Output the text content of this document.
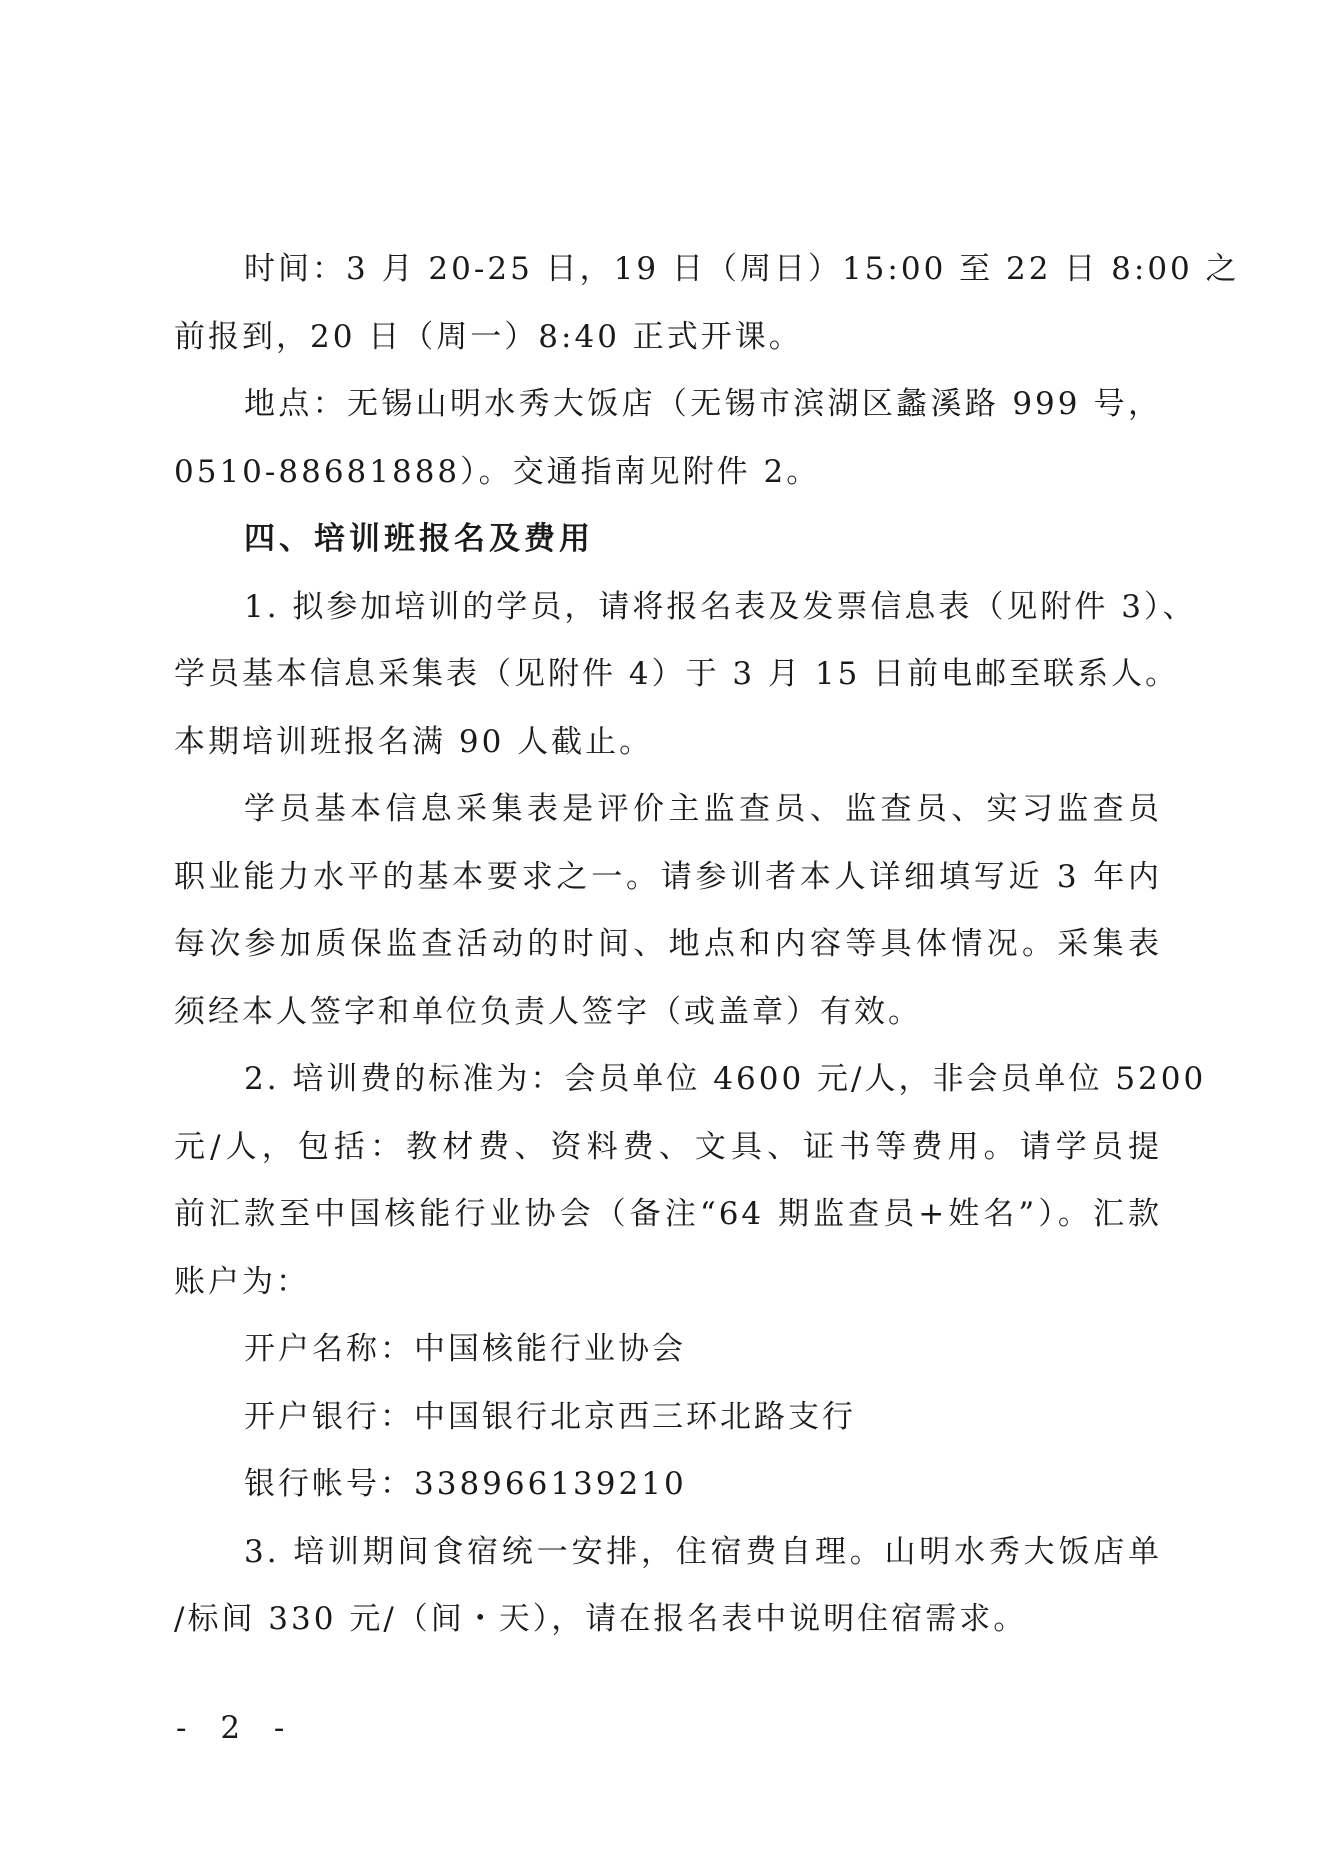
时间：3 月 20-25 日，19 日（周日）15:00 至 22 日 8:00 之
前报到，20 日（周一）8:40 正式开课。
地点：无锡山明水秀大饭店（无锡市滨湖区蠡溪路 999 号，
0510-88681888）。交通指南见附件 2。
四、培训班报名及费用
1. 拟参加培训的学员，请将报名表及发票信息表（见附件 3）、
学员基本信息采集表（见附件 4）于 3 月 15 日前电邮至联系人。
本期培训班报名满 90 人截止。
学员基本信息采集表是评价主监查员、监查员、实习监查员
职业能力水平的基本要求之一。请参训者本人详细填写近 3 年内
每次参加质保监查活动的时间、地点和内容等具体情况。采集表
须经本人签字和单位负责人签字（或盖章）有效。
2. 培训费的标准为：会员单位 4600 元/人，非会员单位 5200
元/人，包括：教材费、资料费、文具、证书等费用。请学员提
前汇款至中国核能行业协会（备注“64 期监查员+姓名”）。汇款
账户为：
开户名称：中国核能行业协会
开户银行：中国银行北京西三环北路支行
银行帐号：338966139210
3. 培训期间食宿统一安排，住宿费自理。山明水秀大饭店单
/标间 330 元/（间・天），请在报名表中说明住宿需求。
- 2 -
